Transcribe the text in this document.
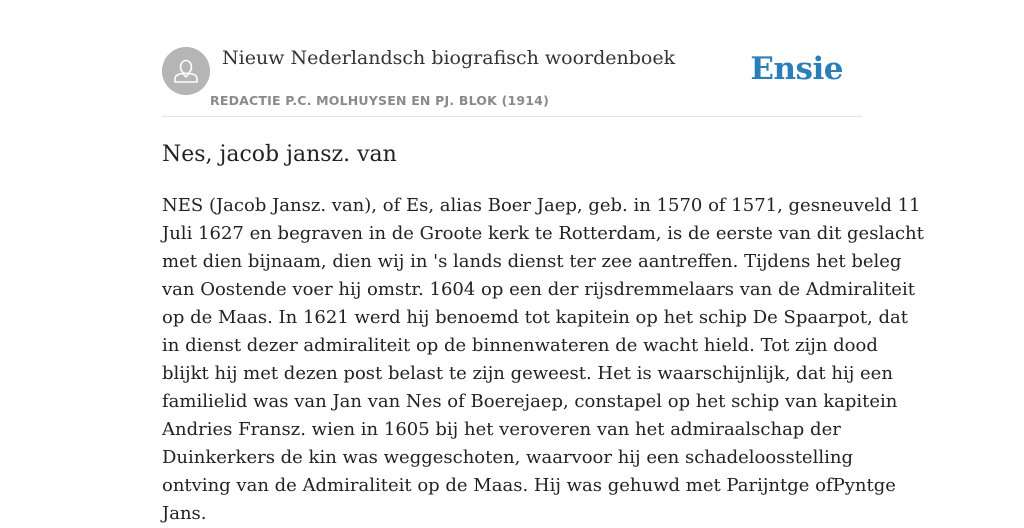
Nieuw Nederlandsch biografisch woordenboek
REDACTIE P.C. MOLHUYSEN EN PJ. BLOK (1914)
Ensie
Nes, jacob jansz. van
NES (Jacob Jansz. van), of Es, alias Boer Jaep, geb. in 1570 of 1571, gesneuveld 11
Juli 1627 en begraven in de Groote kerk te Rotterdam, is de eerste van dit geslacht
met dien bijnaam, dien wij in 's lands dienst ter zee aantreffen. Tijdens het beleg
van Oostende voer hij omstr. 1604 op een der rijsdremmelaars van de Admiraliteit
op de Maas. In 1621 werd hij benoemd tot kapitein op het schip De Spaarpot, dat
in dienst dezer admiraliteit op de binnenwateren de wacht hield. Tot zijn dood
blijkt hij met dezen post belast te zijn geweest. Het is waarschijnlijk, dat hij een
familielid was van Jan van Nes of Boerejaep, constapel op het schip van kapitein
Andries Fransz. wien in 1605 bij het veroveren van het admiraalschap der
Duinkerkers de kin was weggeschoten, waarvoor hij een schadeloosstelling
ontving van de Admiraliteit op de Maas. Hij was gehuwd met Parijntge ofPyntge
Jans.
